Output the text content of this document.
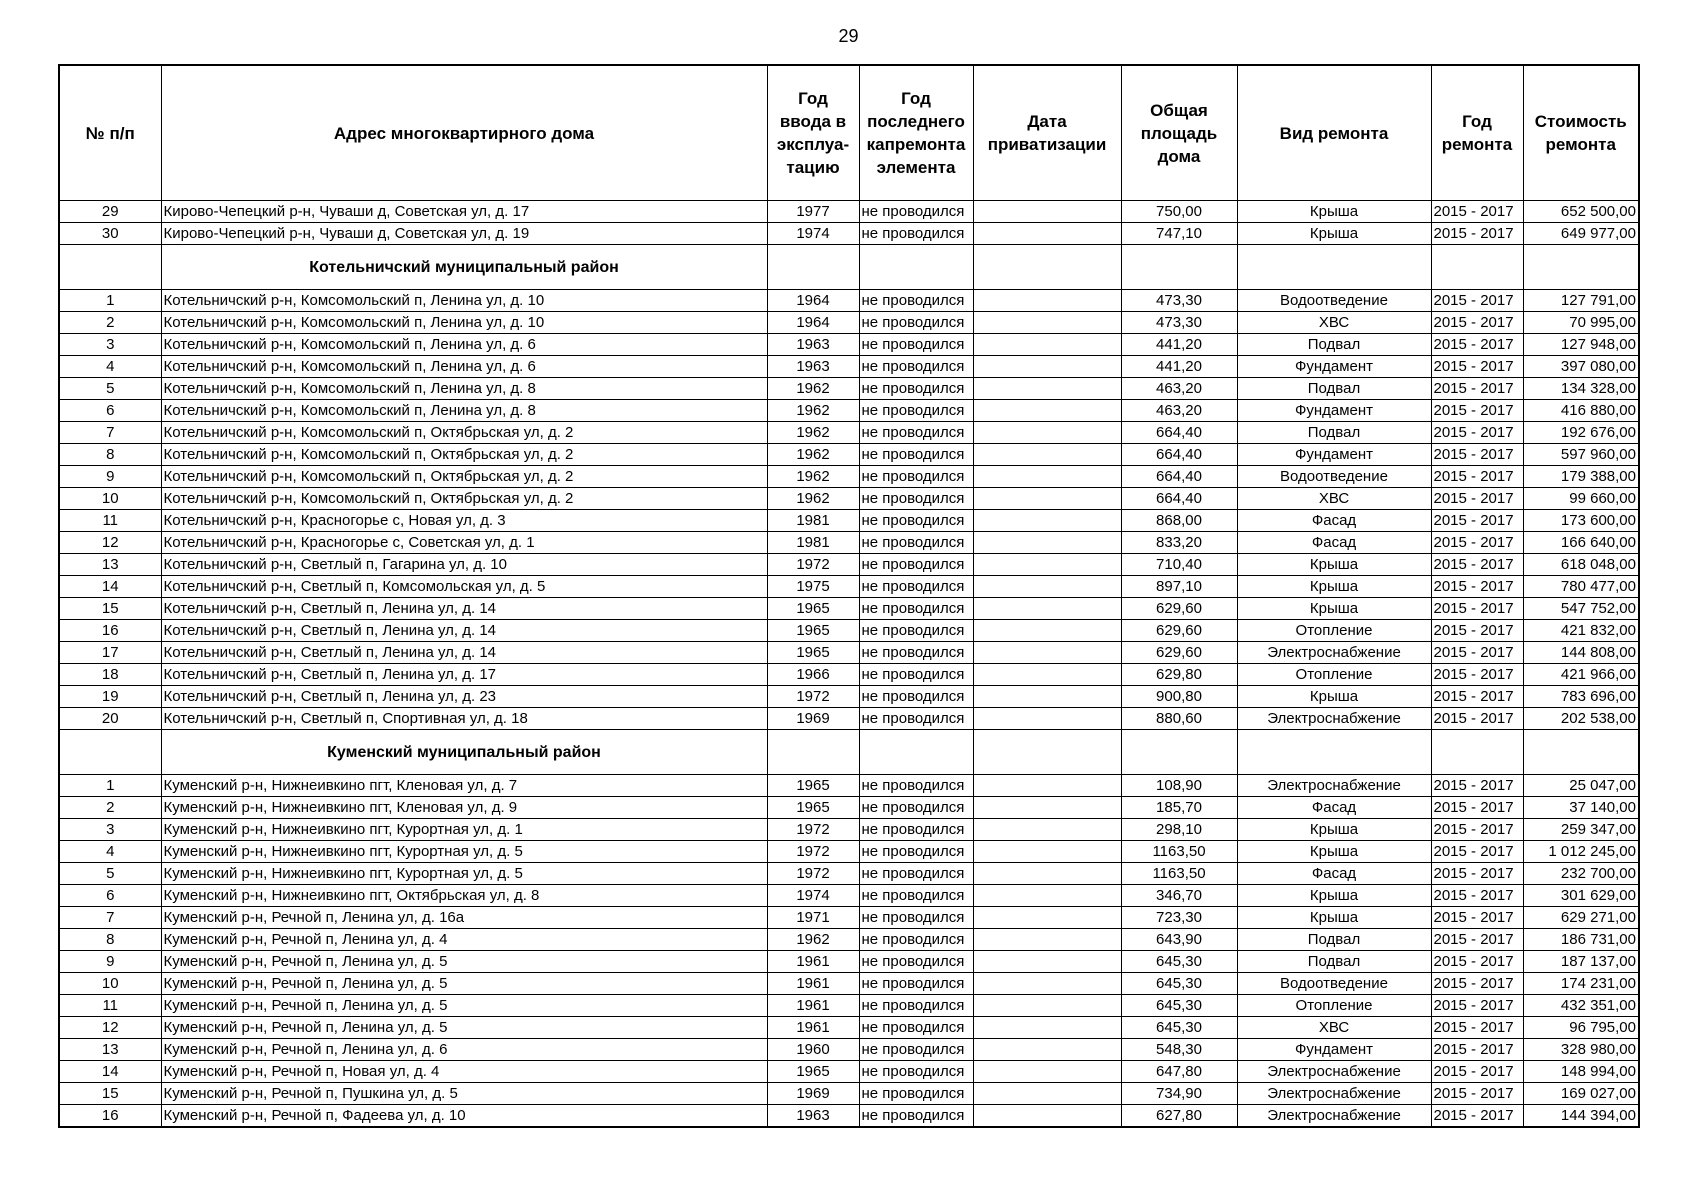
29
№ п/п	Адрес многоквартирного дома	Год ввода в эксплуа-тацию	Год последнего капремонта элемента	Дата приватизации	Общая площадь дома	Вид ремонта	Год ремонта	Стоимость ремонта
29	Кирово-Чепецкий р-н, Чуваши д, Советская ул, д. 17	1977	не проводился		750,00	Крыша	2015 - 2017	652 500,00
30	Кирово-Чепецкий р-н, Чуваши д, Советская ул, д. 19	1974	не проводился		747,10	Крыша	2015 - 2017	649 977,00
	Котельничский муниципальный район							
1	Котельничский р-н, Комсомольский п, Ленина ул, д. 10	1964	не проводился		473,30	Водоотведение	2015 - 2017	127 791,00
2	Котельничский р-н, Комсомольский п, Ленина ул, д. 10	1964	не проводился		473,30	ХВС	2015 - 2017	70 995,00
3	Котельничский р-н, Комсомольский п, Ленина ул, д. 6	1963	не проводился		441,20	Подвал	2015 - 2017	127 948,00
4	Котельничский р-н, Комсомольский п, Ленина ул, д. 6	1963	не проводился		441,20	Фундамент	2015 - 2017	397 080,00
5	Котельничский р-н, Комсомольский п, Ленина ул, д. 8	1962	не проводился		463,20	Подвал	2015 - 2017	134 328,00
6	Котельничский р-н, Комсомольский п, Ленина ул, д. 8	1962	не проводился		463,20	Фундамент	2015 - 2017	416 880,00
7	Котельничский р-н, Комсомольский п, Октябрьская ул, д. 2	1962	не проводился		664,40	Подвал	2015 - 2017	192 676,00
8	Котельничский р-н, Комсомольский п, Октябрьская ул, д. 2	1962	не проводился		664,40	Фундамент	2015 - 2017	597 960,00
9	Котельничский р-н, Комсомольский п, Октябрьская ул, д. 2	1962	не проводился		664,40	Водоотведение	2015 - 2017	179 388,00
10	Котельничский р-н, Комсомольский п, Октябрьская ул, д. 2	1962	не проводился		664,40	ХВС	2015 - 2017	99 660,00
11	Котельничский р-н, Красногорье с, Новая ул, д. 3	1981	не проводился		868,00	Фасад	2015 - 2017	173 600,00
12	Котельничский р-н, Красногорье с, Советская ул, д. 1	1981	не проводился		833,20	Фасад	2015 - 2017	166 640,00
13	Котельничский р-н, Светлый п, Гагарина ул, д. 10	1972	не проводился		710,40	Крыша	2015 - 2017	618 048,00
14	Котельничский р-н, Светлый п, Комсомольская ул, д. 5	1975	не проводился		897,10	Крыша	2015 - 2017	780 477,00
15	Котельничский р-н, Светлый п, Ленина ул, д. 14	1965	не проводился		629,60	Крыша	2015 - 2017	547 752,00
16	Котельничский р-н, Светлый п, Ленина ул, д. 14	1965	не проводился		629,60	Отопление	2015 - 2017	421 832,00
17	Котельничский р-н, Светлый п, Ленина ул, д. 14	1965	не проводился		629,60	Электроснабжение	2015 - 2017	144 808,00
18	Котельничский р-н, Светлый п, Ленина ул, д. 17	1966	не проводился		629,80	Отопление	2015 - 2017	421 966,00
19	Котельничский р-н, Светлый п, Ленина ул, д. 23	1972	не проводился		900,80	Крыша	2015 - 2017	783 696,00
20	Котельничский р-н, Светлый п, Спортивная ул, д. 18	1969	не проводился		880,60	Электроснабжение	2015 - 2017	202 538,00
	Куменский муниципальный район							
1	Куменский р-н, Нижнеивкино пгт, Кленовая ул, д. 7	1965	не проводился		108,90	Электроснабжение	2015 - 2017	25 047,00
2	Куменский р-н, Нижнеивкино пгт, Кленовая ул, д. 9	1965	не проводился		185,70	Фасад	2015 - 2017	37 140,00
3	Куменский р-н, Нижнеивкино пгт, Курортная ул, д. 1	1972	не проводился		298,10	Крыша	2015 - 2017	259 347,00
4	Куменский р-н, Нижнеивкино пгт, Курортная ул, д. 5	1972	не проводился		1163,50	Крыша	2015 - 2017	1 012 245,00
5	Куменский р-н, Нижнеивкино пгт, Курортная ул, д. 5	1972	не проводился		1163,50	Фасад	2015 - 2017	232 700,00
6	Куменский р-н, Нижнеивкино пгт, Октябрьская ул, д. 8	1974	не проводился		346,70	Крыша	2015 - 2017	301 629,00
7	Куменский р-н, Речной п, Ленина ул, д. 16а	1971	не проводился		723,30	Крыша	2015 - 2017	629 271,00
8	Куменский р-н, Речной п, Ленина ул, д. 4	1962	не проводился		643,90	Подвал	2015 - 2017	186 731,00
9	Куменский р-н, Речной п, Ленина ул, д. 5	1961	не проводился		645,30	Подвал	2015 - 2017	187 137,00
10	Куменский р-н, Речной п, Ленина ул, д. 5	1961	не проводился		645,30	Водоотведение	2015 - 2017	174 231,00
11	Куменский р-н, Речной п, Ленина ул, д. 5	1961	не проводился		645,30	Отопление	2015 - 2017	432 351,00
12	Куменский р-н, Речной п, Ленина ул, д. 5	1961	не проводился		645,30	ХВС	2015 - 2017	96 795,00
13	Куменский р-н, Речной п, Ленина ул, д. 6	1960	не проводился		548,30	Фундамент	2015 - 2017	328 980,00
14	Куменский р-н, Речной п, Новая ул, д. 4	1965	не проводился		647,80	Электроснабжение	2015 - 2017	148 994,00
15	Куменский р-н, Речной п, Пушкина ул, д. 5	1969	не проводился		734,90	Электроснабжение	2015 - 2017	169 027,00
16	Куменский р-н, Речной п, Фадеева ул, д. 10	1963	не проводился		627,80	Электроснабжение	2015 - 2017	144 394,00
